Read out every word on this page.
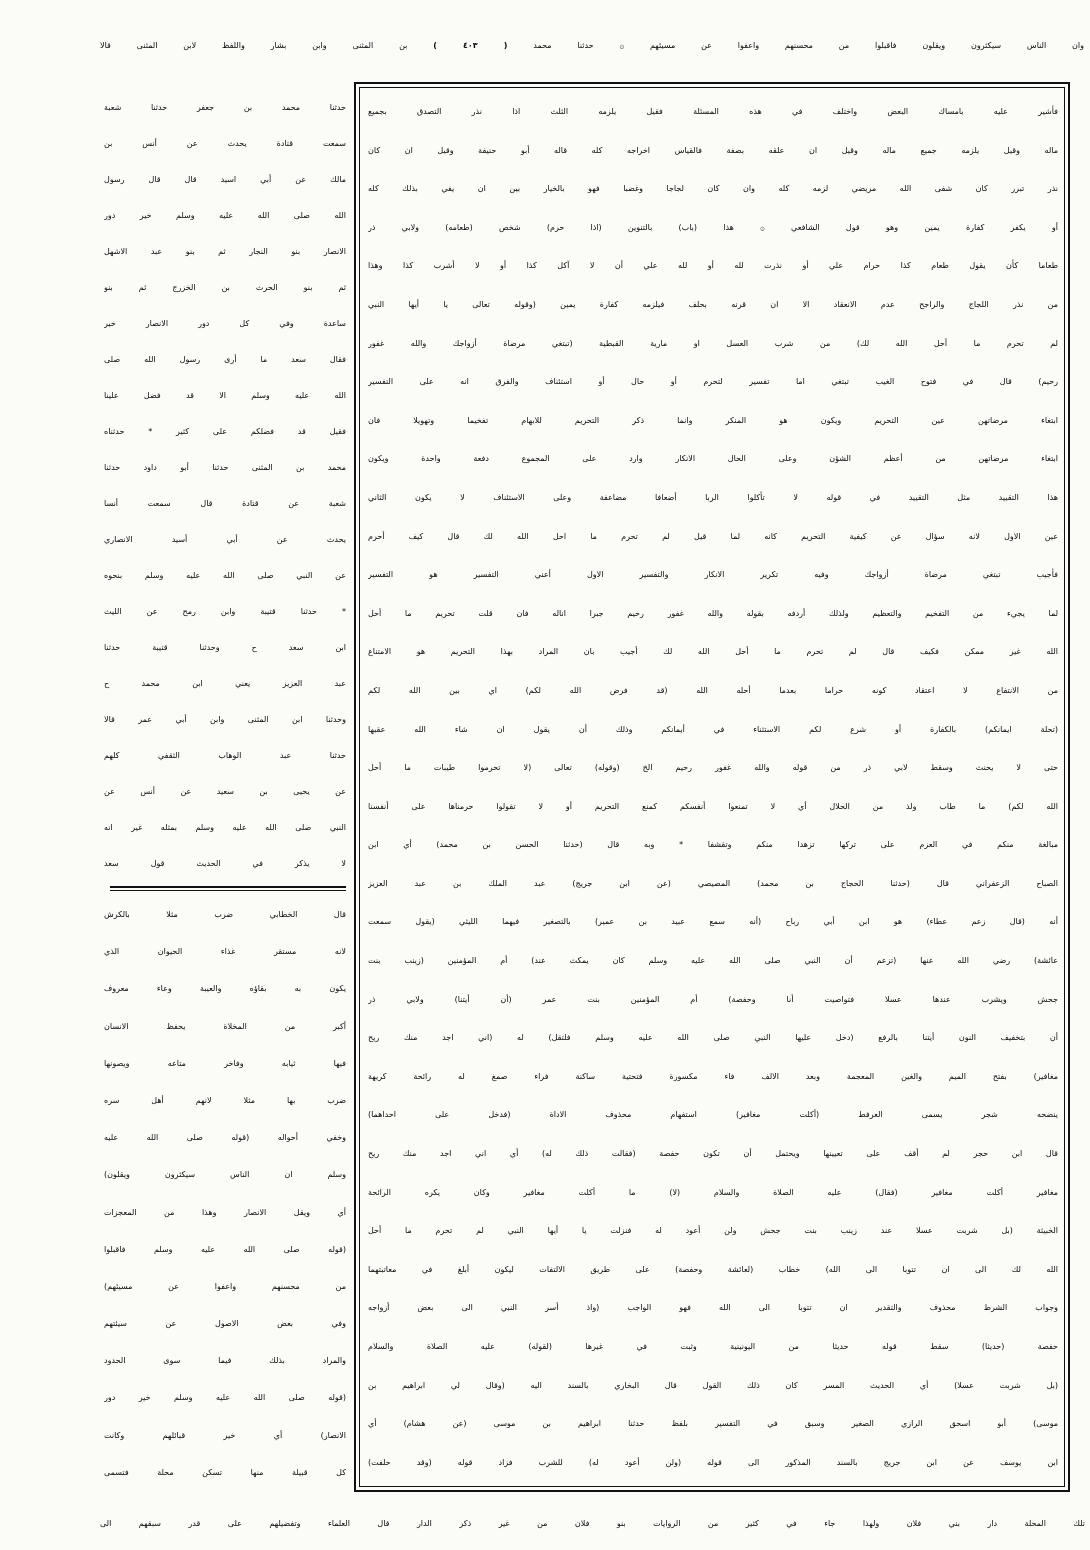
وان الناس سيكثرون ويقلون فاقبلوا من محسنهم واعفوا عن مسيئهم ۞ حدثنا محمد ( ٤٠٣ ) بن المثنى وابن بشار واللفظ لابن المثنى قالا
حدثنا محمد بن جعفر حدثنا شعبة
سمعت قتادة يحدث عن أنس بن
مالك عن أبي اسيد قال قال رسول
الله صلى الله عليه وسلم خير دور
الانصار بنو النجار ثم بنو عبد الاشهل
ثم بنو الحرث بن الخزرج ثم بنو
ساعدة وفي كل دور الانصار خير
فقال سعد ما أرى رسول الله صلى
الله عليه وسلم الا قد فضل علينا
فقيل قد فضلكم على كثير * حدثناه
محمد بن المثنى حدثنا أبو داود حدثنا
شعبة عن قتادة قال سمعت أنسا
يحدث عن أبي أسيد الانصاري
عن النبي صلى الله عليه وسلم بنحوه
* حدثنا قتيبة وابن رمح عن الليث
ابن سعد ح وحدثنا قتيبة حدثنا
عبد العزيز يعني ابن محمد ح
وحدثنا ابن المثنى وابن أبي عمر قالا
حدثنا عبد الوهاب الثقفي كلهم
عن يحيى بن سعيد عن أنس عن
النبي صلى الله عليه وسلم بمثله غير انه
لا يذكر في الحديث قول سعد
قال الخطابي ضرب مثلا بالكرش
لانه مستقر غذاء الحيوان الذي
يكون به بقاؤه والعيبة وعاء معروف
أكبر من المخلاة يحفظ الانسان
فيها ثيابه وفاخر متاعه ويصونها
ضرب بها مثلا لانهم أهل سره
وخفي أحواله (قوله صلى الله عليه
وسلم ان الناس سيكثرون ويقلون)
أي ويقل الانصار وهذا من المعجزات
(قوله صلى الله عليه وسلم فاقبلوا
من محسنهم واعفوا عن مسيئهم)
وفي بعض الاصول عن سيئتهم
والمراد بذلك فيما سوى الحدود
(قوله صلى الله عليه وسلم خير دور
الانصار) أي خير قبائلهم وكانت
كل قبيلة منها تسكن محلة فتسمى
فأشير عليه بامساك البعض واختلف في هذه المسئلة فقيل يلزمه الثلث اذا نذر التصدق بجميع
ماله وقيل يلزمه جميع ماله وقيل ان علقه بصفة فالقياس اخراجه كله قاله أبو حنيفة وقيل ان كان
نذر تبرر كان شفى الله مريضي لزمه كله وان كان لجاجا وغضبا فهو بالخيار بين ان يفي بذلك كله
أو يكفر كفارة يمين وهو قول الشافعي ۞ هذا (باب) بالتنوين (اذا حرم) شخص (طعامه) ولابي ذر
طعاما كأن يقول طعام كذا حرام علي أو نذرت لله أو لله علي أن لا آكل كذا أو لا أشرب كذا وهذا
من نذر اللجاج والراجح عدم الانعقاد الا ان قرنه بحلف فيلزمه كفارة يمين (وقوله تعالى يا أيها النبي
لم تحرم ما أحل الله لك) من شرب العسل او مارية القبطية (تبتغي مرضاة أزواجك والله غفور
رحيم) قال في فتوح الغيب تبتغي اما تفسير لتحرم أو حال أو استئناف والفرق انه على التفسير
ابتغاء مرضاتهن عين التحريم ويكون هو المنكر وانما ذكر التحريم للابهام تفخيما وتهويلا فان
ابتغاء مرضاتهن من أعظم الشؤن وعلى الحال الانكار وارد على المجموع دفعة واحدة ويكون
هذا التقييد مثل التقييد في قوله لا تأكلوا الربا أضعافا مضاعفة وعلى الاستئناف لا يكون الثاني
عين الاول لانه سؤال عن كيفية التحريم كانه لما قيل لم تحرم ما احل الله لك قال كيف أحرم
فأجيب تبتغي مرضاة أزواجك وفيه تكرير الانكار والتفسير الاول أعني التفسير هو التفسير
لما يجيء من التفخيم والتعظيم ولذلك أردفه بقوله والله غفور رحيم جبرا اناله فان قلت تحريم ما أحل
الله غير ممكن فكيف قال لم تحرم ما أحل الله لك أجيب بان المراد بهذا التحريم هو الامتناع
من الانتفاع لا اعتقاد كونه حراما بعدما أحله الله (قد فرض الله لكم) اي بين الله لكم
(تحلة ايمانكم) بالكفارة أو شرع لكم الاستثناء في أيمانكم وذلك أن يقول ان شاء الله عقبها
حتى لا يحنث وسقط لابي ذر من قوله والله غفور رحيم الخ (وقوله) تعالى (لا تحرموا طيبات ما أحل
الله لكم) ما طاب ولذ من الحلال أي لا تمنعوا أنفسكم كمنع التحريم أو لا تقولوا حرمناها على أنفسنا
مبالغة منكم في العزم على تركها تزهدا منكم وتقشفا * وبه قال (حدثنا الحسن بن محمد) أي ابن
الصباح الزعفراني قال (حدثنا الحجاج بن محمد) المصيصي (عن ابن جريج) عبد الملك بن عبد العزيز
أنه (قال زعم عطاء) هو ابن أبي رباح (أنه سمع عبيد بن عمير) بالتصغير فيهما الليثي (يقول سمعت
عائشة) رضي الله عنها (تزعم أن النبي صلى الله عليه وسلم كان يمكث عند) أم المؤمنين (زينب بنت
جحش ويشرب عندها عسلا فتواصيت أنا وحفصة) أم المؤمنين بنت عمر (أن أيتنا) ولابي ذر
أن بتخفيف النون أيتنا بالرفع (دخل عليها النبي صلى الله عليه وسلم فلتقل) له (اني اجد منك ريح
مغافير) بفتح الميم والغين المعجمة وبعد الالف فاء مكسورة فتحتية ساكنة فراء صمغ له رائحة كريهة
ينضحه شجر يسمى العرفط (أكلت مغافير) استفهام محذوف الاداة (فدخل على احداهما)
قال ابن حجر لم أقف على تعيينها ويحتمل أن تكون حفصة (فقالت ذلك له) أي اني اجد منك ريح
مغافير أكلت مغافير (فقال) عليه الصلاة والسلام (لا) ما أكلت مغافير وكان يكره الرائحة
الخبيثة (بل شربت عسلا عند زينب بنت جحش ولن أعود له فنزلت يا أيها النبي لم تحرم ما أحل
الله لك الى ان تتوبا الى الله) خطاب (لعائشة وحفصة) على طريق الالتفات ليكون أبلغ في معاتبتهما
وجواب الشرط محذوف والتقدير ان تتوبا الى الله فهو الواجب (واذ أسر النبي الى بعض أزواجه
حفصة (حديثا) سقط قوله حديثا من اليونينية وثبت في غيرها (لقوله) عليه الصلاة والسلام
(بل شربت عسلا) أي الحديث المسر كان ذلك القول قال البخاري بالسند اليه (وقال لي ابراهيم بن
موسى) أبو اسحق الرازي الصغير وسبق في التفسير بلفظ حدثنا ابراهيم بن موسى (عن هشام) أي
ابن يوسف عن ابن جريج بالسند المذكور الى قوله (ولن أعود له) للشرب فزاد قوله (وقد حلفت)
تلك المحلة دار بني فلان ولهذا جاء في كثير من الروايات بنو فلان من غير ذكر الدار قال العلماء وتفضيلهم على قدر سبقهم الى
